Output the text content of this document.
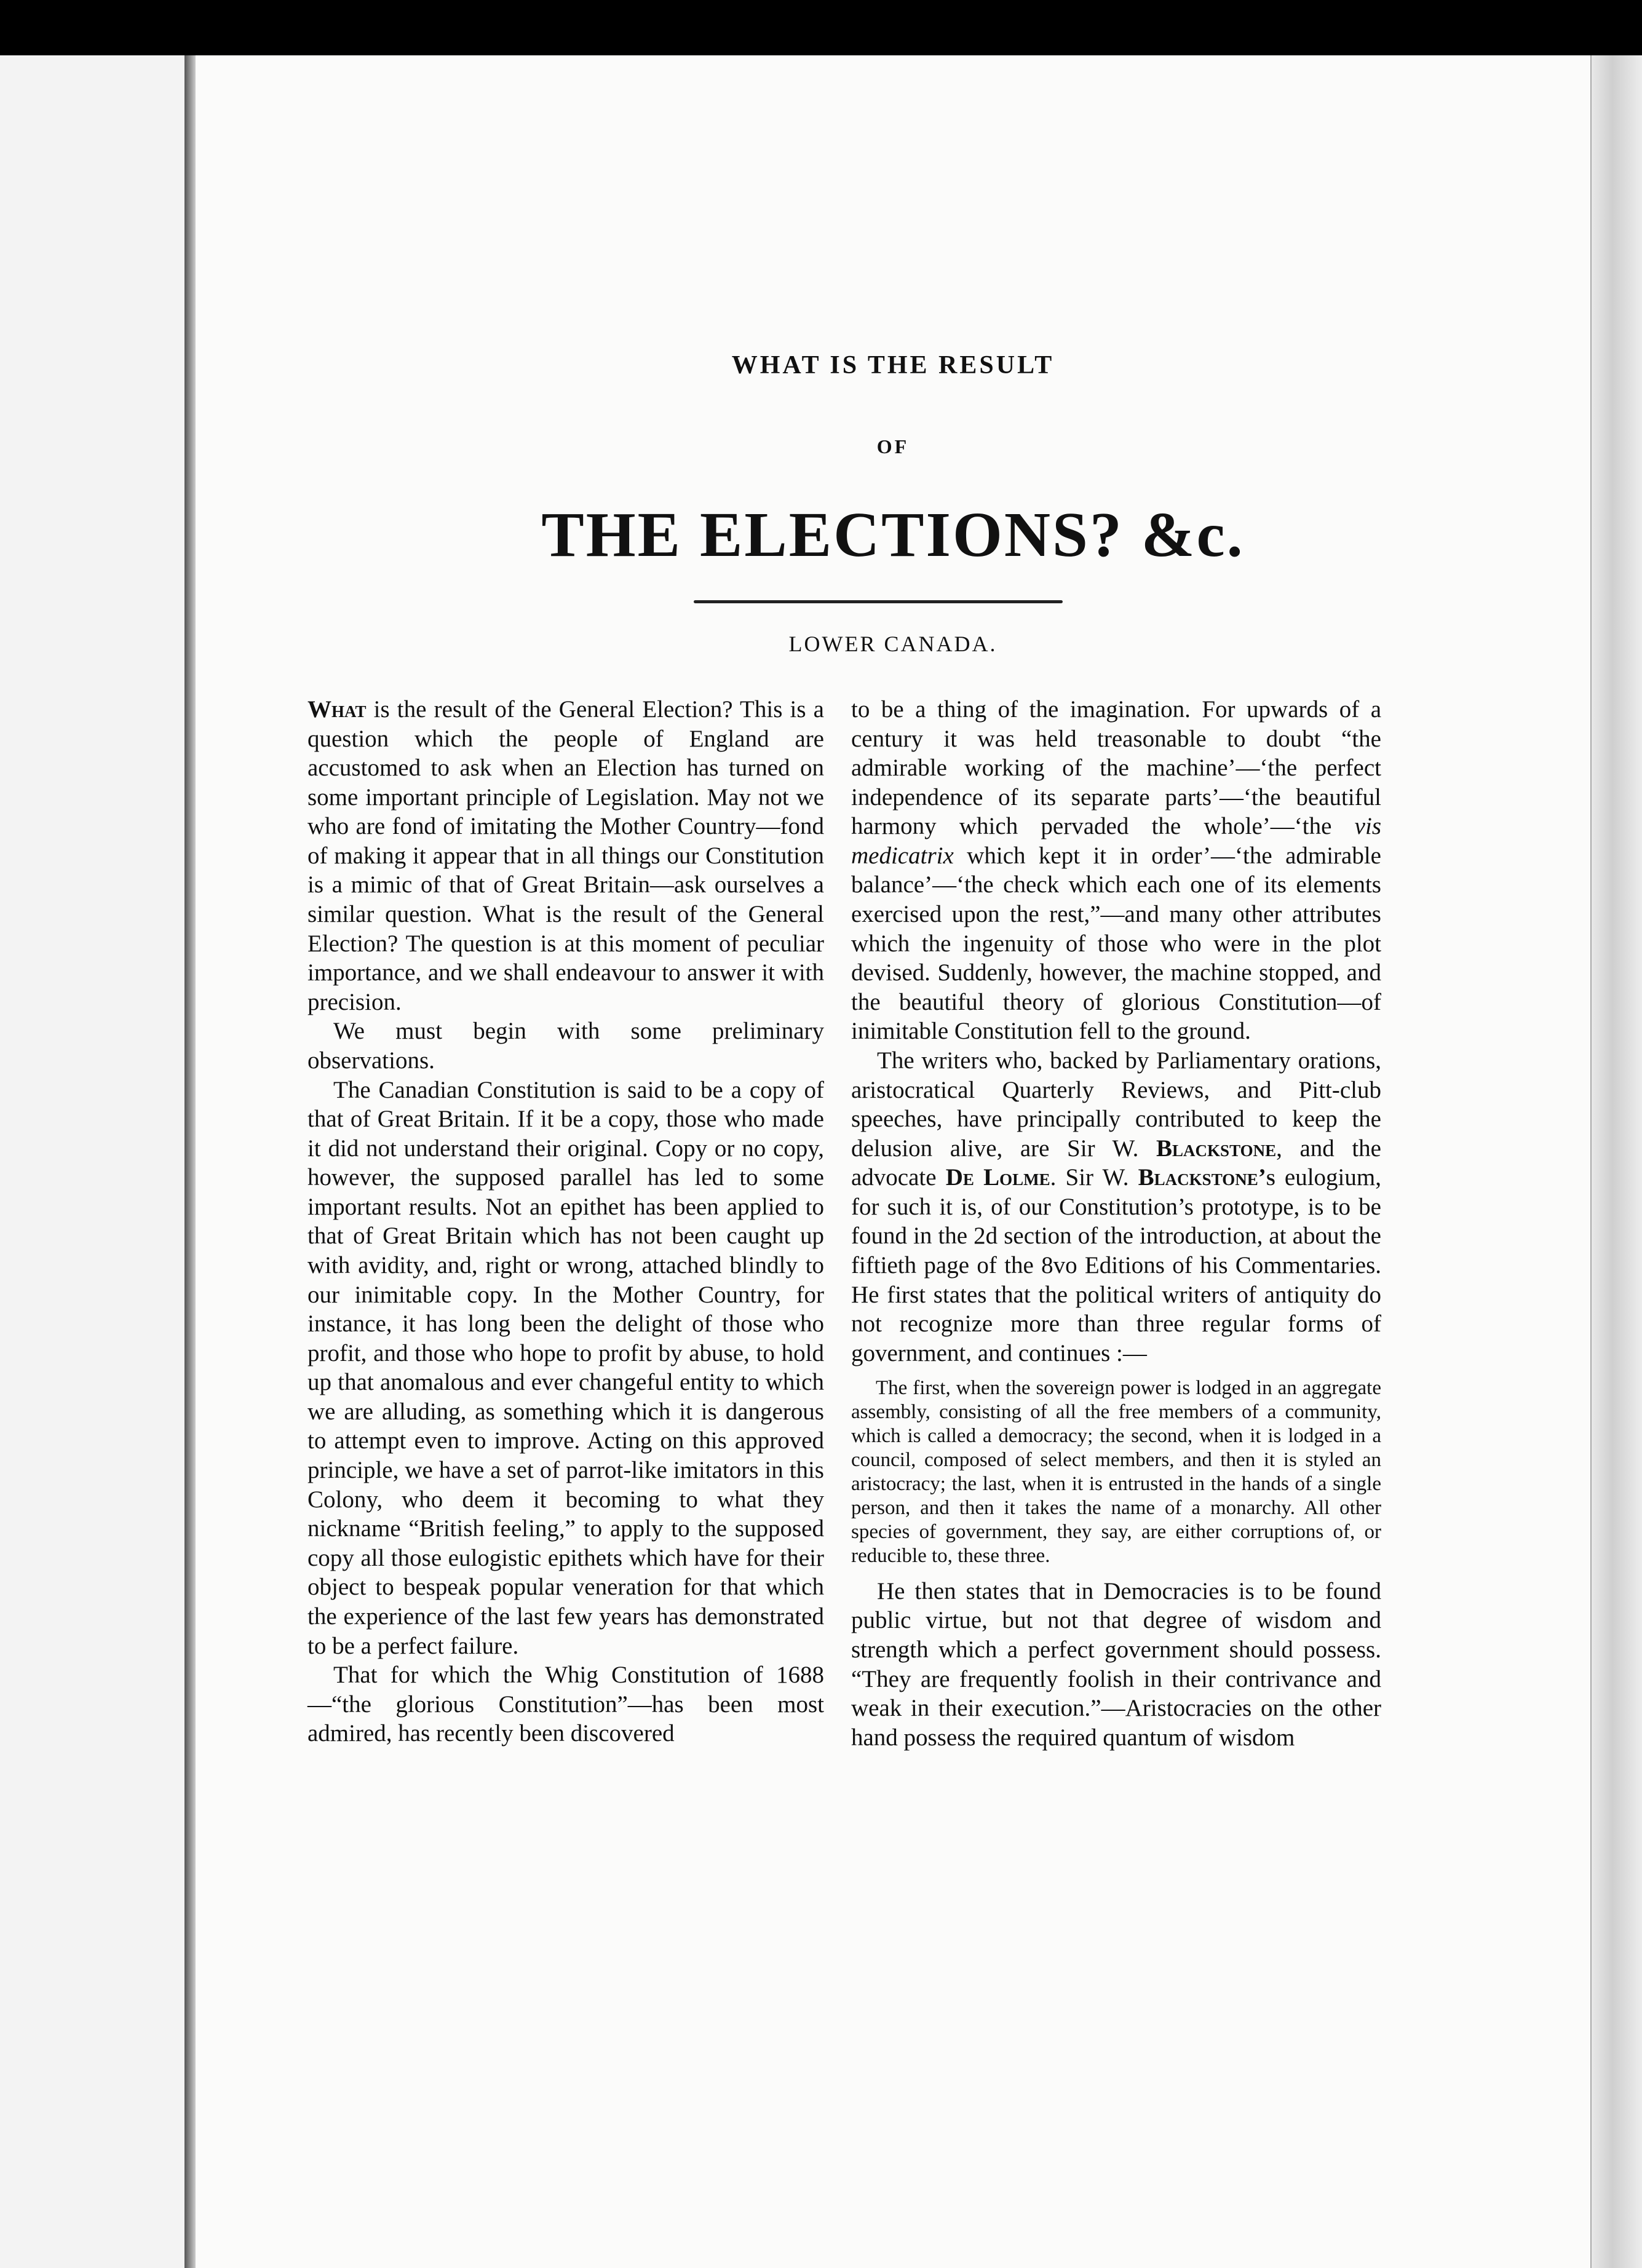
WHAT IS THE RESULT
OF
THE ELECTIONS? &c.
LOWER CANADA.

What is the result of the General Election? This is a question which the people of England are accustomed to ask when an Election has turned on some important principle of Legislation. May not we who are fond of imitating the Mother Country—fond of making it appear that in all things our Constitution is a mimic of that of Great Britain—ask ourselves a similar question. What is the result of the General Election? The question is at this moment of peculiar importance, and we shall endeavour to answer it with precision.

We must begin with some preliminary observations.

The Canadian Constitution is said to be a copy of that of Great Britain. If it be a copy, those who made it did not understand their original. Copy or no copy, however, the supposed parallel has led to some important results. Not an epithet has been applied to that of Great Britain which has not been caught up with avidity, and, right or wrong, attached blindly to our inimitable copy. In the Mother Country, for instance, it has long been the delight of those who profit, and those who hope to profit by abuse, to hold up that anomalous and ever changeful entity to which we are alluding, as something which it is dangerous to attempt even to improve. Acting on this approved principle, we have a set of parrot-like imitators in this Colony, who deem it becoming to what they nickname “British feeling,” to apply to the supposed copy all those eulogistic epithets which have for their object to bespeak popular veneration for that which the experience of the last few years has demonstrated to be a perfect failure.

That for which the Whig Constitution of 1688—“the glorious Constitution”—has been most admired, has recently been discovered

to be a thing of the imagination. For upwards of a century it was held treasonable to doubt “the admirable working of the machine’—‘the perfect independence of its separate parts’—‘the beautiful harmony which pervaded the whole’—‘the vis medicatrix which kept it in order’—‘the admirable balance’—‘the check which each one of its elements exercised upon the rest,”—and many other attributes which the ingenuity of those who were in the plot devised. Suddenly, however, the machine stopped, and the beautiful theory of glorious Constitution—of inimitable Constitution fell to the ground.

The writers who, backed by Parliamentary orations, aristocratical Quarterly Reviews, and Pitt-club speeches, have principally contributed to keep the delusion alive, are Sir W. Blackstone, and the advocate De Lolme. Sir W. Blackstone’s eulogium, for such it is, of our Constitution’s prototype, is to be found in the 2d section of the introduction, at about the fiftieth page of the 8vo Editions of his Commentaries. He first states that the political writers of antiquity do not recognize more than three regular forms of government, and continues :—

The first, when the sovereign power is lodged in an aggregate assembly, consisting of all the free members of a community, which is called a democracy; the second, when it is lodged in a council, composed of select members, and then it is styled an aristocracy; the last, when it is entrusted in the hands of a single person, and then it takes the name of a monarchy. All other species of government, they say, are either corruptions of, or reducible to, these three.

He then states that in Democracies is to be found public virtue, but not that degree of wisdom and strength which a perfect government should possess. “They are frequently foolish in their contrivance and weak in their execution.”—Aristocracies on the other hand possess the required quantum of wisdom
